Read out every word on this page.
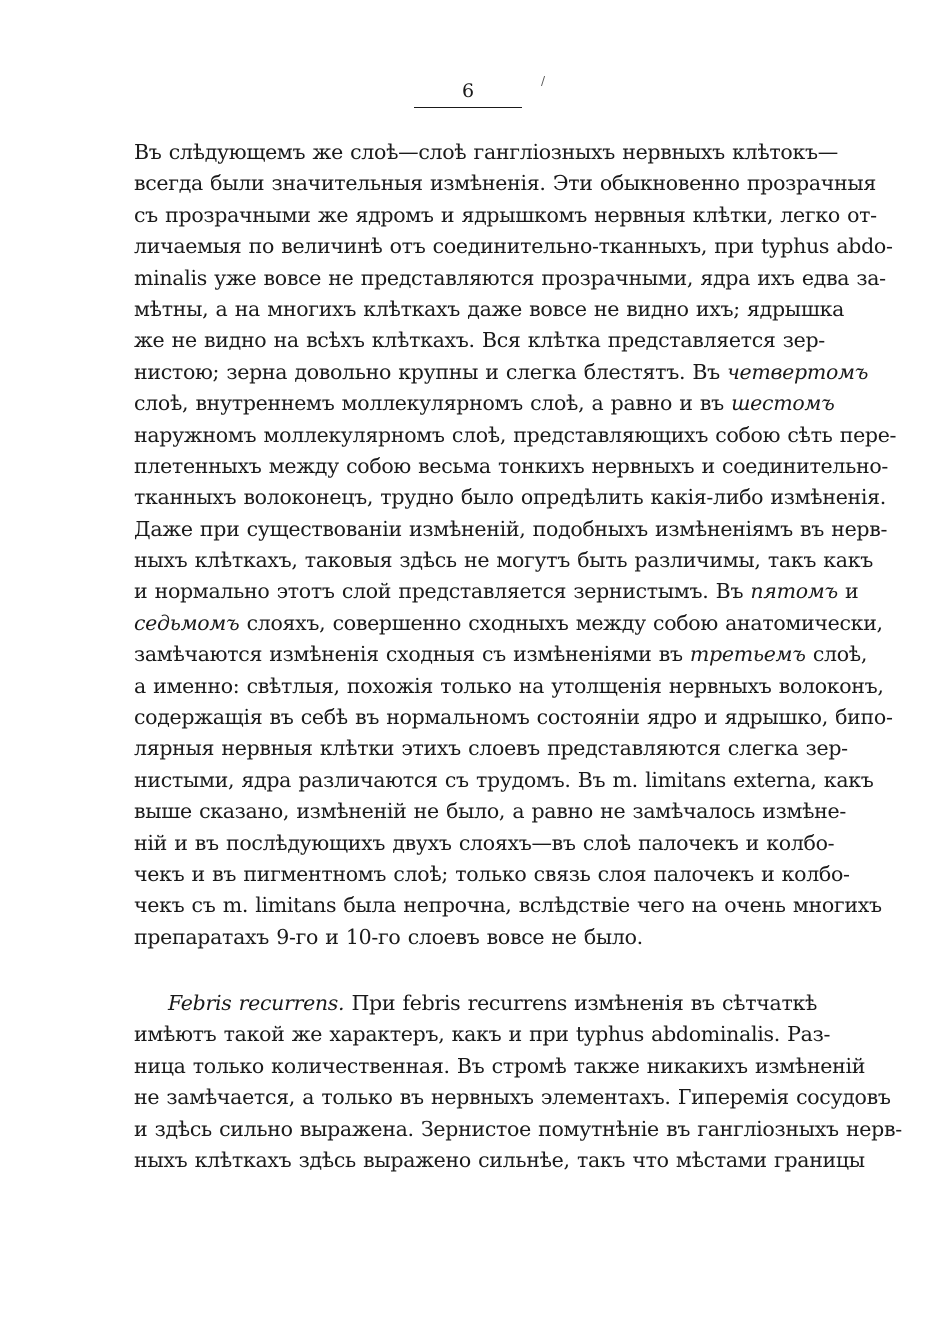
6	/
Въ слѣдующемъ же слоѣ—слоѣ ганглiозныхъ нервныхъ клѣтокъ—
всегда были значительныя измѣненiя. Эти обыкновенно прозрачныя
съ прозрачными же ядромъ и ядрышкомъ нервныя клѣтки, легко от-
личаемыя по величинѣ отъ соединительно-тканныхъ, при typhus abdo-
minalis уже вовсе не представляются прозрачными, ядра ихъ едва за-
мѣтны, а на многихъ клѣткахъ даже вовсе не видно ихъ; ядрышка
же не видно на всѣхъ клѣткахъ. Вся клѣтка представляется зер-
нистою; зерна довольно крупны и слегка блестятъ. Въ четвертомъ
слоѣ, внутреннемъ моллекулярномъ слоѣ, а равно и въ шестомъ
наружномъ моллекулярномъ слоѣ, представляющихъ собою сѣть пере-
плетенныхъ между собою весьма тонкихъ нервныхъ и соединительно-
тканныхъ волоконецъ, трудно было опредѣлить какiя-либо измѣненiя.
Даже при существованiи измѣненiй, подобныхъ измѣненiямъ въ нерв-
ныхъ клѣткахъ, таковыя здѣсь не могутъ быть различимы, такъ какъ
и нормально этотъ слой представляется зернистымъ. Въ пятомъ и
седьмомъ слояхъ, совершенно сходныхъ между собою анатомически,
замѣчаются измѣненiя сходныя съ измѣненiями въ третьемъ слоѣ,
а именно: свѣтлыя, похожiя только на утолщенiя нервныхъ волоконъ,
содержащiя въ себѣ въ нормальномъ состоянiи ядро и ядрышко, бипо-
лярныя нервныя клѣтки этихъ слоевъ представляются слегка зер-
нистыми, ядра различаются съ трудомъ. Въ m. limitans externa, какъ
выше сказано, измѣненiй не было, а равно не замѣчалось измѣне-
нiй и въ послѣдующихъ двухъ слояхъ—въ слоѣ палочекъ и колбо-
чекъ и въ пигментномъ слоѣ; только связь слоя палочекъ и колбо-
чекъ съ m. limitans была непрочна, вслѣдствiе чего на очень многихъ
препаратахъ 9-го и 10-го слоевъ вовсе не было.
Febris recurrens. При febris recurrens измѣненiя въ сѣтчаткѣ
имѣютъ такой же характеръ, какъ и при typhus abdominalis. Раз-
ница только количественная. Въ стромѣ также никакихъ измѣненiй
не замѣчается, а только въ нервныхъ элементахъ. Гиперемiя сосудовъ
и здѣсь сильно выражена. Зернистое помутнѣнiе въ ганглiозныхъ нерв-
ныхъ клѣткахъ здѣсь выражено сильнѣе, такъ что мѣстами границы
